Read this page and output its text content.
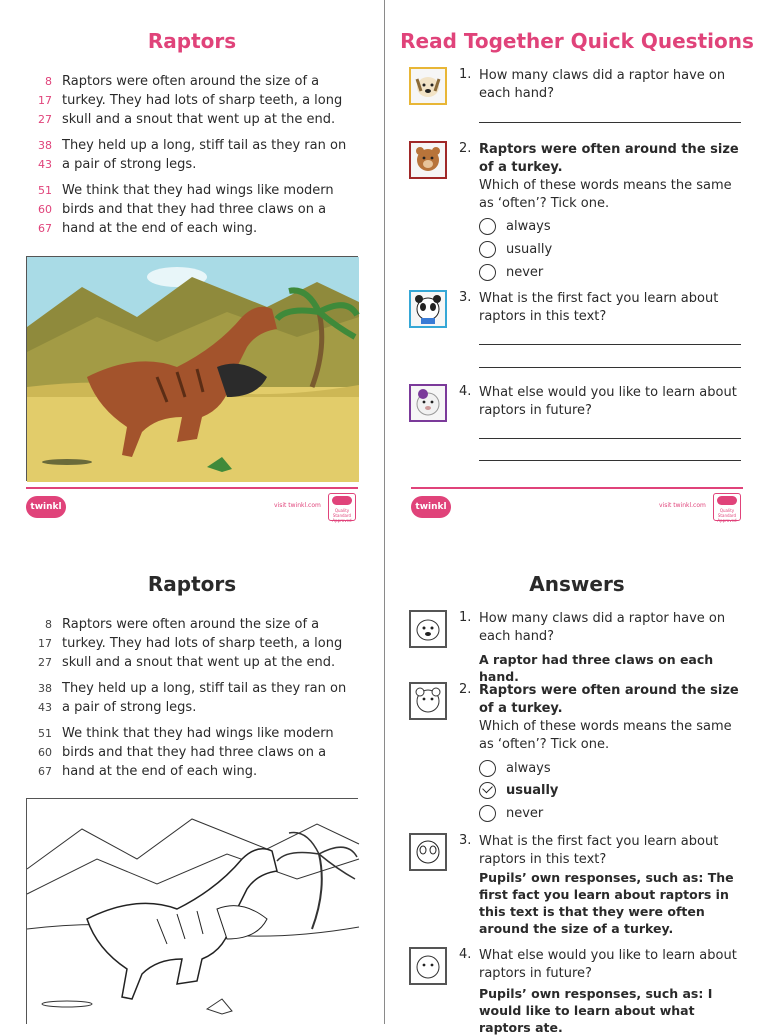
Raptors
8 Raptors were often around the size of a
17 turkey. They had lots of sharp teeth, a long
27 skull and a snout that went up at the end.
38 They held up a long, stiff tail as they ran on
43 a pair of strong legs.
51 We think that they had wings like modern
60 birds and that they had three claws on a
67 hand at the end of each wing.
twinkl	visit twinkl.com
Quality Standard Approved
Read Together Quick Questions
1. How many claws did a raptor have on each hand?
2. Raptors were often around the size of a turkey.
Which of these words means the same as ‘often’? Tick one.
always
usually
never
3. What is the first fact you learn about raptors in this text?
4. What else would you like to learn about raptors in future?
twinkl	visit twinkl.com
Quality Standard Approved
Raptors
8 Raptors were often around the size of a
17 turkey. They had lots of sharp teeth, a long
27 skull and a snout that went up at the end.
38 They held up a long, stiff tail as they ran on
43 a pair of strong legs.
51 We think that they had wings like modern
60 birds and that they had three claws on a
67 hand at the end of each wing.
Answers
1. How many claws did a raptor have on each hand?
A raptor had three claws on each hand.
2. Raptors were often around the size of a turkey.
Which of these words means the same as ‘often’? Tick one.
always
usually
never
3. What is the first fact you learn about raptors in this text?
Pupils’ own responses, such as: The first fact you learn about raptors in this text is that they were often around the size of a turkey.
4. What else would you like to learn about raptors in future?
Pupils’ own responses, such as: I would like to learn about what raptors ate.
